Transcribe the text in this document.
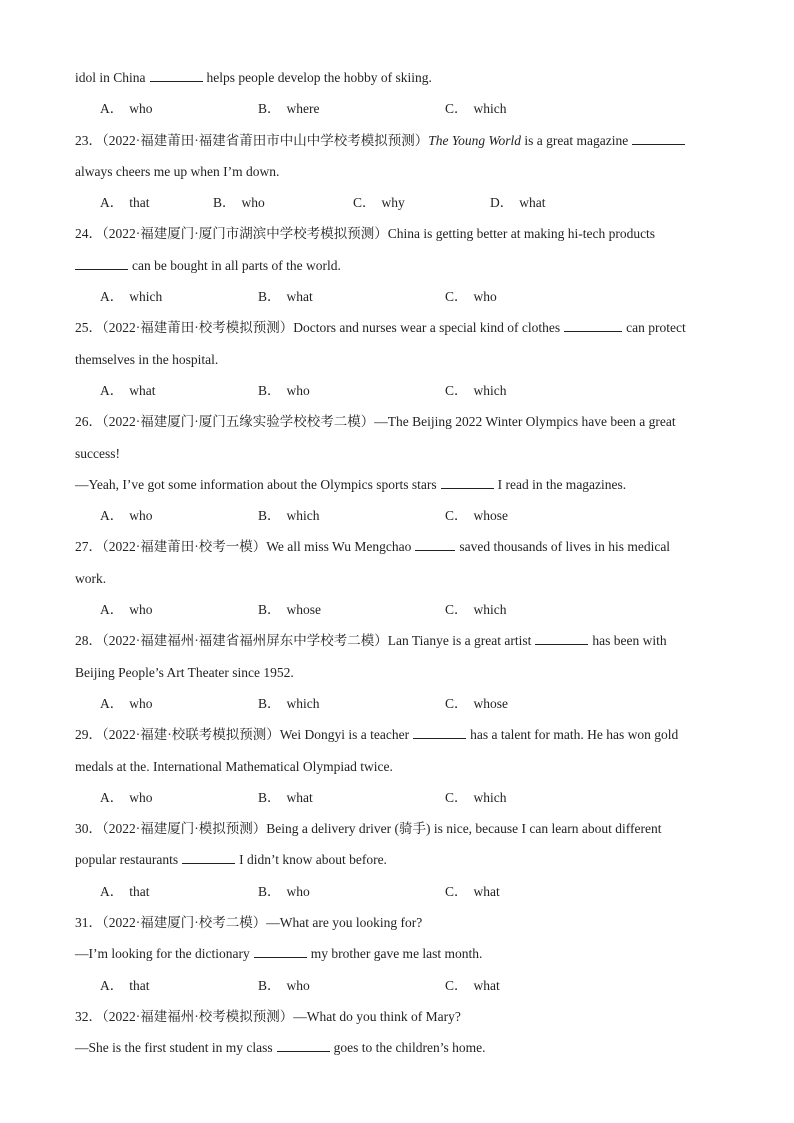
idol in China	helps people develop the hobby of skiing.
A． who	B． where	C． which
23．（2022·福建莆田·福建省莆田市中山中学校考模拟预测）The Young World is a great magazine
always cheers me up when I’m down.
A． that	B． who	C． why	D． what
24．（2022·福建厦门·厦门市湖滨中学校考模拟预测）China is getting better at making hi-tech products
can be bought in all parts of the world.
A． which	B． what	C． who
25．（2022·福建莆田·校考模拟预测）Doctors and nurses wear a special kind of clothes	can protect
themselves in the hospital.
A． what	B． who	C． which
26．（2022·福建厦门·厦门五缘实验学校校考二模）—The Beijing 2022 Winter Olympics have been a great
success!
—Yeah, I’ve got some information about the Olympics sports stars	I read in the magazines.
A． who	B． which	C． whose
27．（2022·福建莆田·校考一模）We all miss Wu Mengchao	saved thousands of lives in his medical
work.
A． who	B． whose	C． which
28．（2022·福建福州·福建省福州屏东中学校考二模）Lan Tianye is a great artist	has been with
Beijing People’s Art Theater since 1952.
A． who	B． which	C． whose
29．（2022·福建·校联考模拟预测）Wei Dongyi is a teacher	has a talent for math. He has won gold
medals at the. International Mathematical Olympiad twice.
A． who	B． what	C． which
30．（2022·福建厦门·模拟预测）Being a delivery driver (骑手) is nice, because I can learn about different
popular restaurants	I didn’t know about before.
A． that	B． who	C． what
31．（2022·福建厦门·校考二模）—What are you looking for?
—I’m looking for the dictionary	my brother gave me last month.
A． that	B． who	C． what
32．（2022·福建福州·校考模拟预测）—What do you think of Mary?
—She is the first student in my class	goes to the children’s home.
